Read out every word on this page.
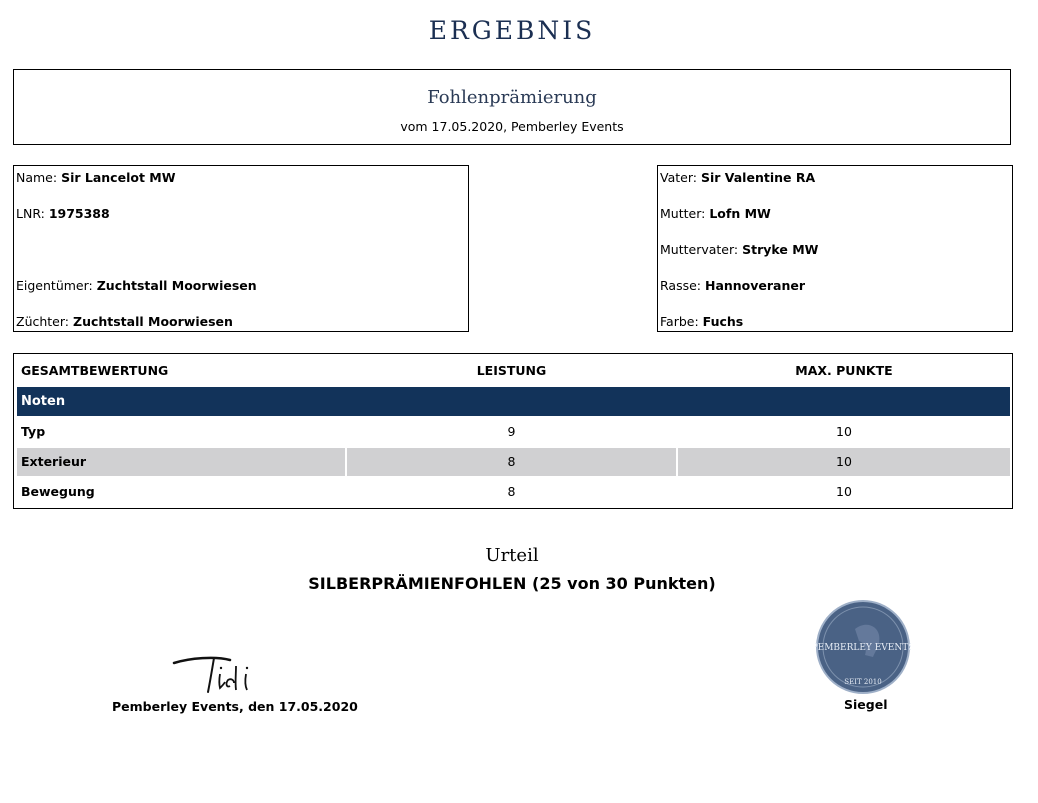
ERGEBNIS
Fohlenprämierung
vom 17.05.2020, Pemberley Events
Name: Sir Lancelot MW
LNR: 1975388
Eigentümer: Zuchtstall Moorwiesen
Züchter: Zuchtstall Moorwiesen
Vater: Sir Valentine RA
Mutter: Lofn MW
Muttervater: Stryke MW
Rasse: Hannoveraner
Farbe: Fuchs
GESAMTBEWERTUNG	LEISTUNG	MAX. PUNKTE
Noten
Typ	9	10
Exterieur	8	10
Bewegung	8	10
Urteil
SILBERPRÄMIENFOHLEN (25 von 30 Punkten)
Pemberley Events, den 17.05.2020
PEMBERLEY EVENTS
SEIT 2010
Siegel
